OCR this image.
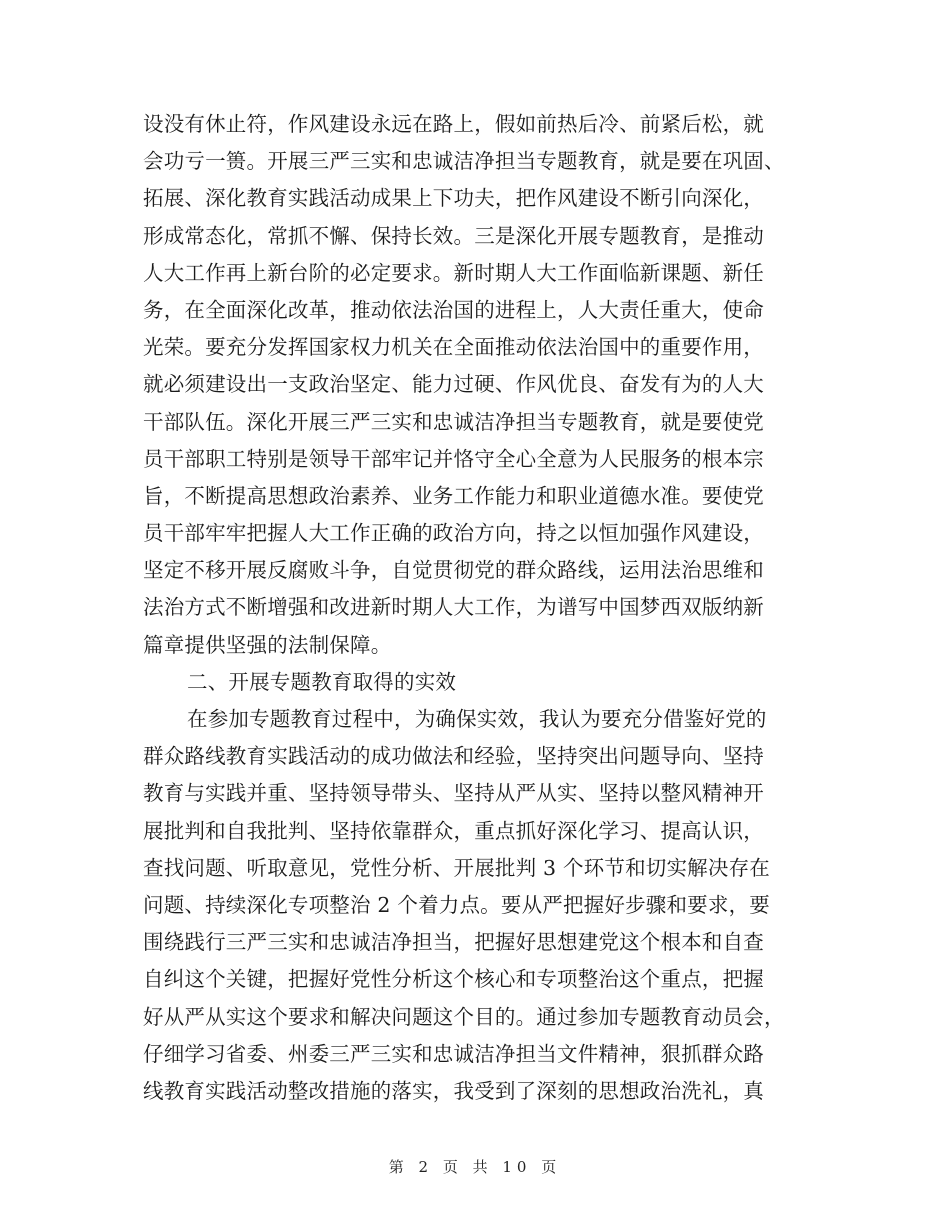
设没有休止符，作风建设永远在路上，假如前热后冷、前紧后松，就
会功亏一篑。开展三严三实和忠诚洁净担当专题教育，就是要在巩固、
拓展、深化教育实践活动成果上下功夫，把作风建设不断引向深化，
形成常态化，常抓不懈、保持长效。三是深化开展专题教育，是推动
人大工作再上新台阶的必定要求。新时期人大工作面临新课题、新任
务，在全面深化改革，推动依法治国的进程上，人大责任重大，使命
光荣。要充分发挥国家权力机关在全面推动依法治国中的重要作用，
就必须建设出一支政治坚定、能力过硬、作风优良、奋发有为的人大
干部队伍。深化开展三严三实和忠诚洁净担当专题教育，就是要使党
员干部职工特别是领导干部牢记并恪守全心全意为人民服务的根本宗
旨，不断提高思想政治素养、业务工作能力和职业道德水准。要使党
员干部牢牢把握人大工作正确的政治方向，持之以恒加强作风建设，
坚定不移开展反腐败斗争，自觉贯彻党的群众路线，运用法治思维和
法治方式不断增强和改进新时期人大工作，为谱写中国梦西双版纳新
篇章提供坚强的法制保障。
二、开展专题教育取得的实效
在参加专题教育过程中，为确保实效，我认为要充分借鉴好党的
群众路线教育实践活动的成功做法和经验，坚持突出问题导向、坚持
教育与实践并重、坚持领导带头、坚持从严从实、坚持以整风精神开
展批判和自我批判、坚持依靠群众，重点抓好深化学习、提高认识，
查找问题、听取意见，党性分析、开展批判 3 个环节和切实解决存在
问题、持续深化专项整治 2 个着力点。要从严把握好步骤和要求，要
围绕践行三严三实和忠诚洁净担当，把握好思想建党这个根本和自查
自纠这个关键，把握好党性分析这个核心和专项整治这个重点，把握
好从严从实这个要求和解决问题这个目的。通过参加专题教育动员会，
仔细学习省委、州委三严三实和忠诚洁净担当文件精神，狠抓群众路
线教育实践活动整改措施的落实，我受到了深刻的思想政治洗礼，真
第 2 页 共 10 页
